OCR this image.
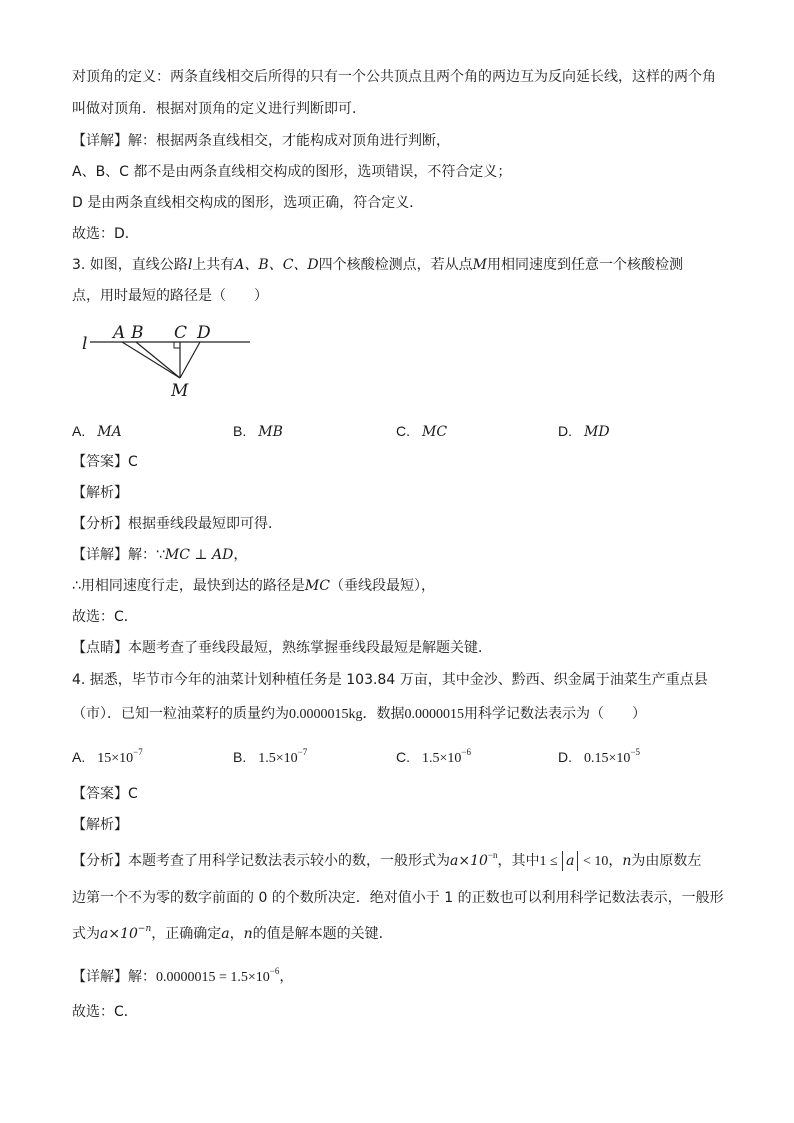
对顶角的定义：两条直线相交后所得的只有一个公共顶点且两个角的两边互为反向延长线，这样的两个角
叫做对顶角．根据对顶角的定义进行判断即可．
【详解】解：根据两条直线相交，才能构成对顶角进行判断，
A、B、C 都不是由两条直线相交构成的图形，选项错误，不符合定义；
D 是由两条直线相交构成的图形，选项正确，符合定义．
故选：D．
3. 如图，直线公路l上共有A、B、C、D四个核酸检测点，若从点M用相同速度到任意一个核酸检测
点，用时最短的路径是（　　）
l
A B C D
M
A. MA	B. MB	C. MC	D. MD
【答案】C
【解析】
【分析】根据垂线段最短即可得．
【详解】解：∵MC ⊥ AD，
∴用相同速度行走，最快到达的路径是MC（垂线段最短），
故选：C．
【点睛】本题考查了垂线段最短，熟练掌握垂线段最短是解题关键．
4. 据悉，毕节市今年的油菜计划种植任务是 103.84 万亩，其中金沙、黔西、织金属于油菜生产重点县
（市）．已知一粒油菜籽的质量约为0.0000015kg．数据0.0000015用科学记数法表示为（　　）
A. $15\times 10^{-7}$	B. $1.5\times 10^{-7}$	C. $1.5\times 10^{-6}$	D. $0.15\times 10^{-5}$
【答案】C
【解析】
【分析】本题考查了用科学记数法表示较小的数，一般形式为$a\times 10^{-n}$，其中1 ≤ a < 10，n为由原数左
边第一个不为零的数字前面的 0 的个数所决定．绝对值小于 1 的正数也可以利用科学记数法表示，一般形
式为$a\times 10^{-n}$，正确确定a，n的值是解本题的关键．
【详解】解：$0.0000015 = 1.5\times 10^{-6}$，
故选：C．
